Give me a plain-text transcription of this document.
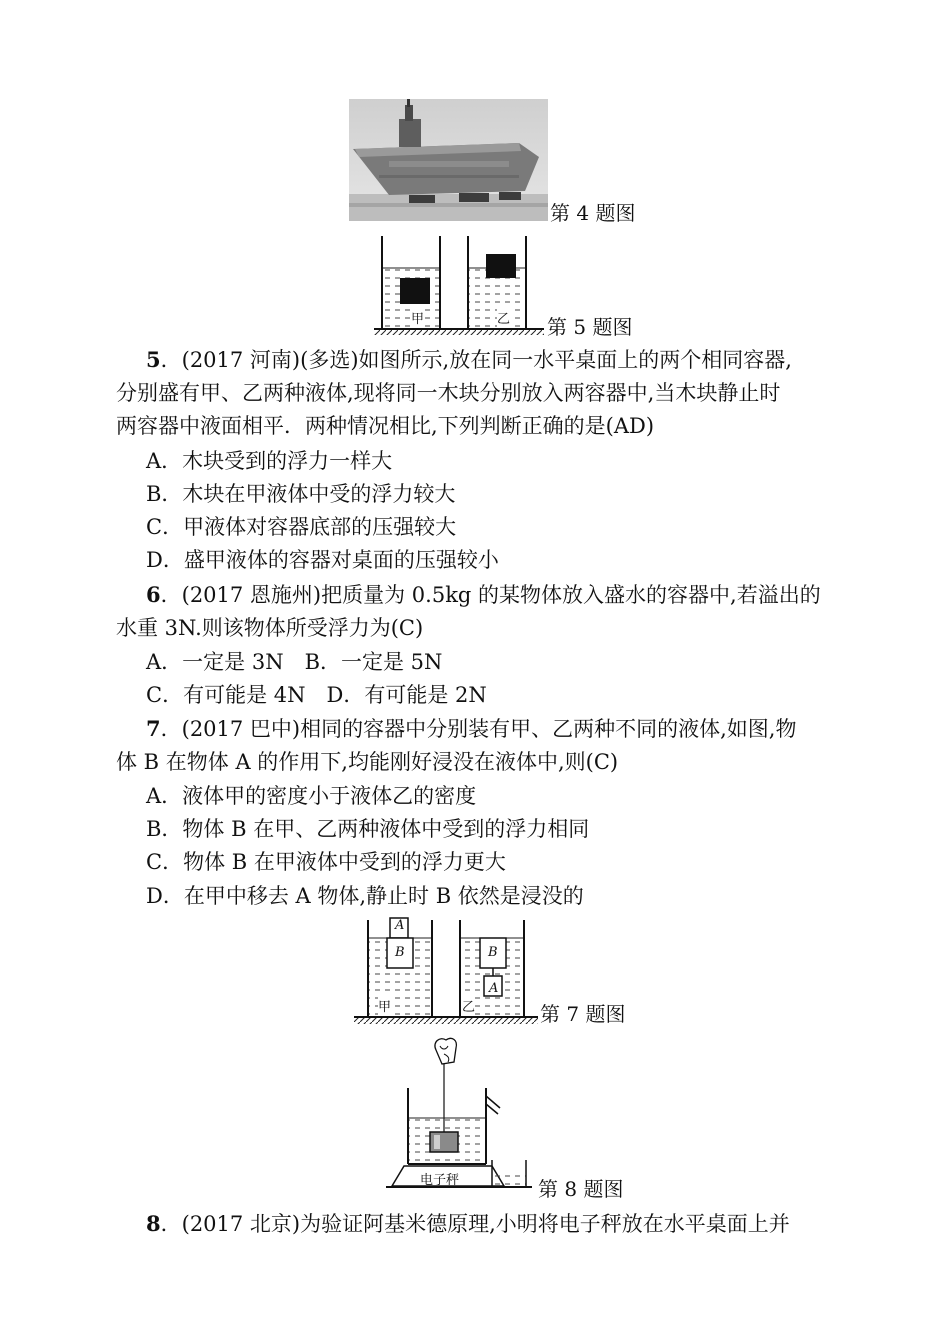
第 4 题图
甲	乙 第 5 题图
5．(2017 河南)(多选)如图所示,放在同一水平桌面上的两个相同容器,
分别盛有甲、乙两种液体,现将同一木块分别放入两容器中,当木块静止时
两容器中液面相平．两种情况相比,下列判断正确的是(AD)
A．木块受到的浮力一样大
B．木块在甲液体中受的浮力较大
C．甲液体对容器底部的压强较大
D．盛甲液体的容器对桌面的压强较小
6．(2017 恩施州)把质量为 0.5kg 的某物体放入盛水的容器中,若溢出的
水重 3N.则该物体所受浮力为(C)
A．一定是 3N　B．一定是 5N
C．有可能是 4N　D．有可能是 2N
7．(2017 巴中)相同的容器中分别装有甲、乙两种不同的液体,如图,物
体 B 在物体 A 的作用下,均能刚好浸没在液体中,则(C)
A．液体甲的密度小于液体乙的密度
B．物体 B 在甲、乙两种液体中受到的浮力相同
C．物体 B 在甲液体中受到的浮力更大
D．在甲中移去 A 物体,静止时 B 依然是浸没的
A
B	B
A
甲	乙	第 7 题图
电子秤	第 8 题图
8．(2017 北京)为验证阿基米德原理,小明将电子秤放在水平桌面上并
